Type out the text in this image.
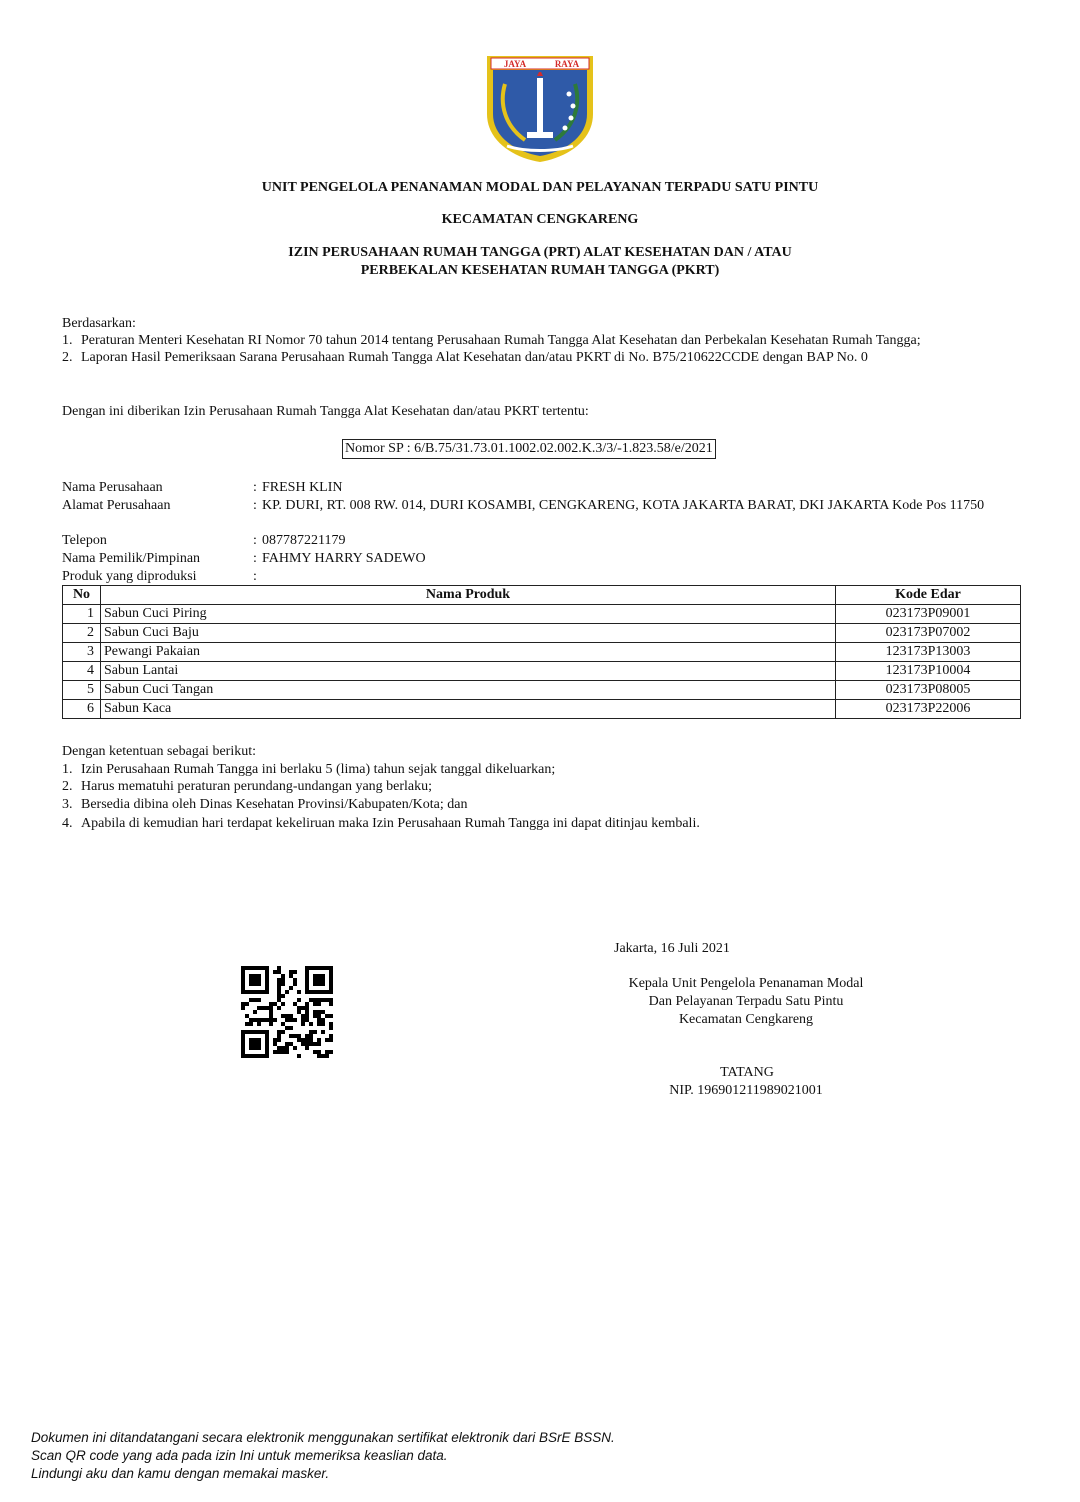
JAYA	RAYA
UNIT PENGELOLA PENANAMAN MODAL DAN PELAYANAN TERPADU SATU PINTU
KECAMATAN CENGKARENG
IZIN PERUSAHAAN RUMAH TANGGA (PRT) ALAT KESEHATAN DAN / ATAU
PERBEKALAN KESEHATAN RUMAH TANGGA (PKRT)
Berdasarkan:
1. Peraturan Menteri Kesehatan RI Nomor 70 tahun 2014 tentang Perusahaan Rumah Tangga Alat Kesehatan dan Perbekalan Kesehatan Rumah Tangga;
2. Laporan Hasil Pemeriksaan Sarana Perusahaan Rumah Tangga Alat Kesehatan dan/atau PKRT di No. B75/210622CCDE dengan BAP No. 0
Dengan ini diberikan Izin Perusahaan Rumah Tangga Alat Kesehatan dan/atau PKRT tertentu:
Nomor SP : 6/B.75/31.73.01.1002.02.002.K.3/3/-1.823.58/e/2021
Nama Perusahaan	: FRESH KLIN
Alamat Perusahaan	: KP. DURI, RT. 008 RW. 014, DURI KOSAMBI, CENGKARENG, KOTA JAKARTA BARAT, DKI JAKARTA Kode Pos 11750
Telepon	: 087787221179
Nama Pemilik/Pimpinan	: FAHMY HARRY SADEWO
Produk yang diproduksi	:
No	Nama Produk	Kode Edar
1	Sabun Cuci Piring	023173P09001
2	Sabun Cuci Baju	023173P07002
3	Pewangi Pakaian	123173P13003
4	Sabun Lantai	123173P10004
5	Sabun Cuci Tangan	023173P08005
6	Sabun Kaca	023173P22006
Dengan ketentuan sebagai berikut:
1. Izin Perusahaan Rumah Tangga ini berlaku 5 (lima) tahun sejak tanggal dikeluarkan;
2. Harus mematuhi peraturan perundang-undangan yang berlaku;
3. Bersedia dibina oleh Dinas Kesehatan Provinsi/Kabupaten/Kota; dan
4. Apabila di kemudian hari terdapat kekeliruan maka Izin Perusahaan Rumah Tangga ini dapat ditinjau kembali.
Jakarta, 16 Juli 2021
Kepala Unit Pengelola Penanaman Modal
Dan Pelayanan Terpadu Satu Pintu
Kecamatan Cengkareng
TATANG
NIP. 196901211989021001
Dokumen ini ditandatangani secara elektronik menggunakan sertifikat elektronik dari BSrE BSSN.
Scan QR code yang ada pada izin Ini untuk memeriksa keaslian data.
Lindungi aku dan kamu dengan memakai masker.
